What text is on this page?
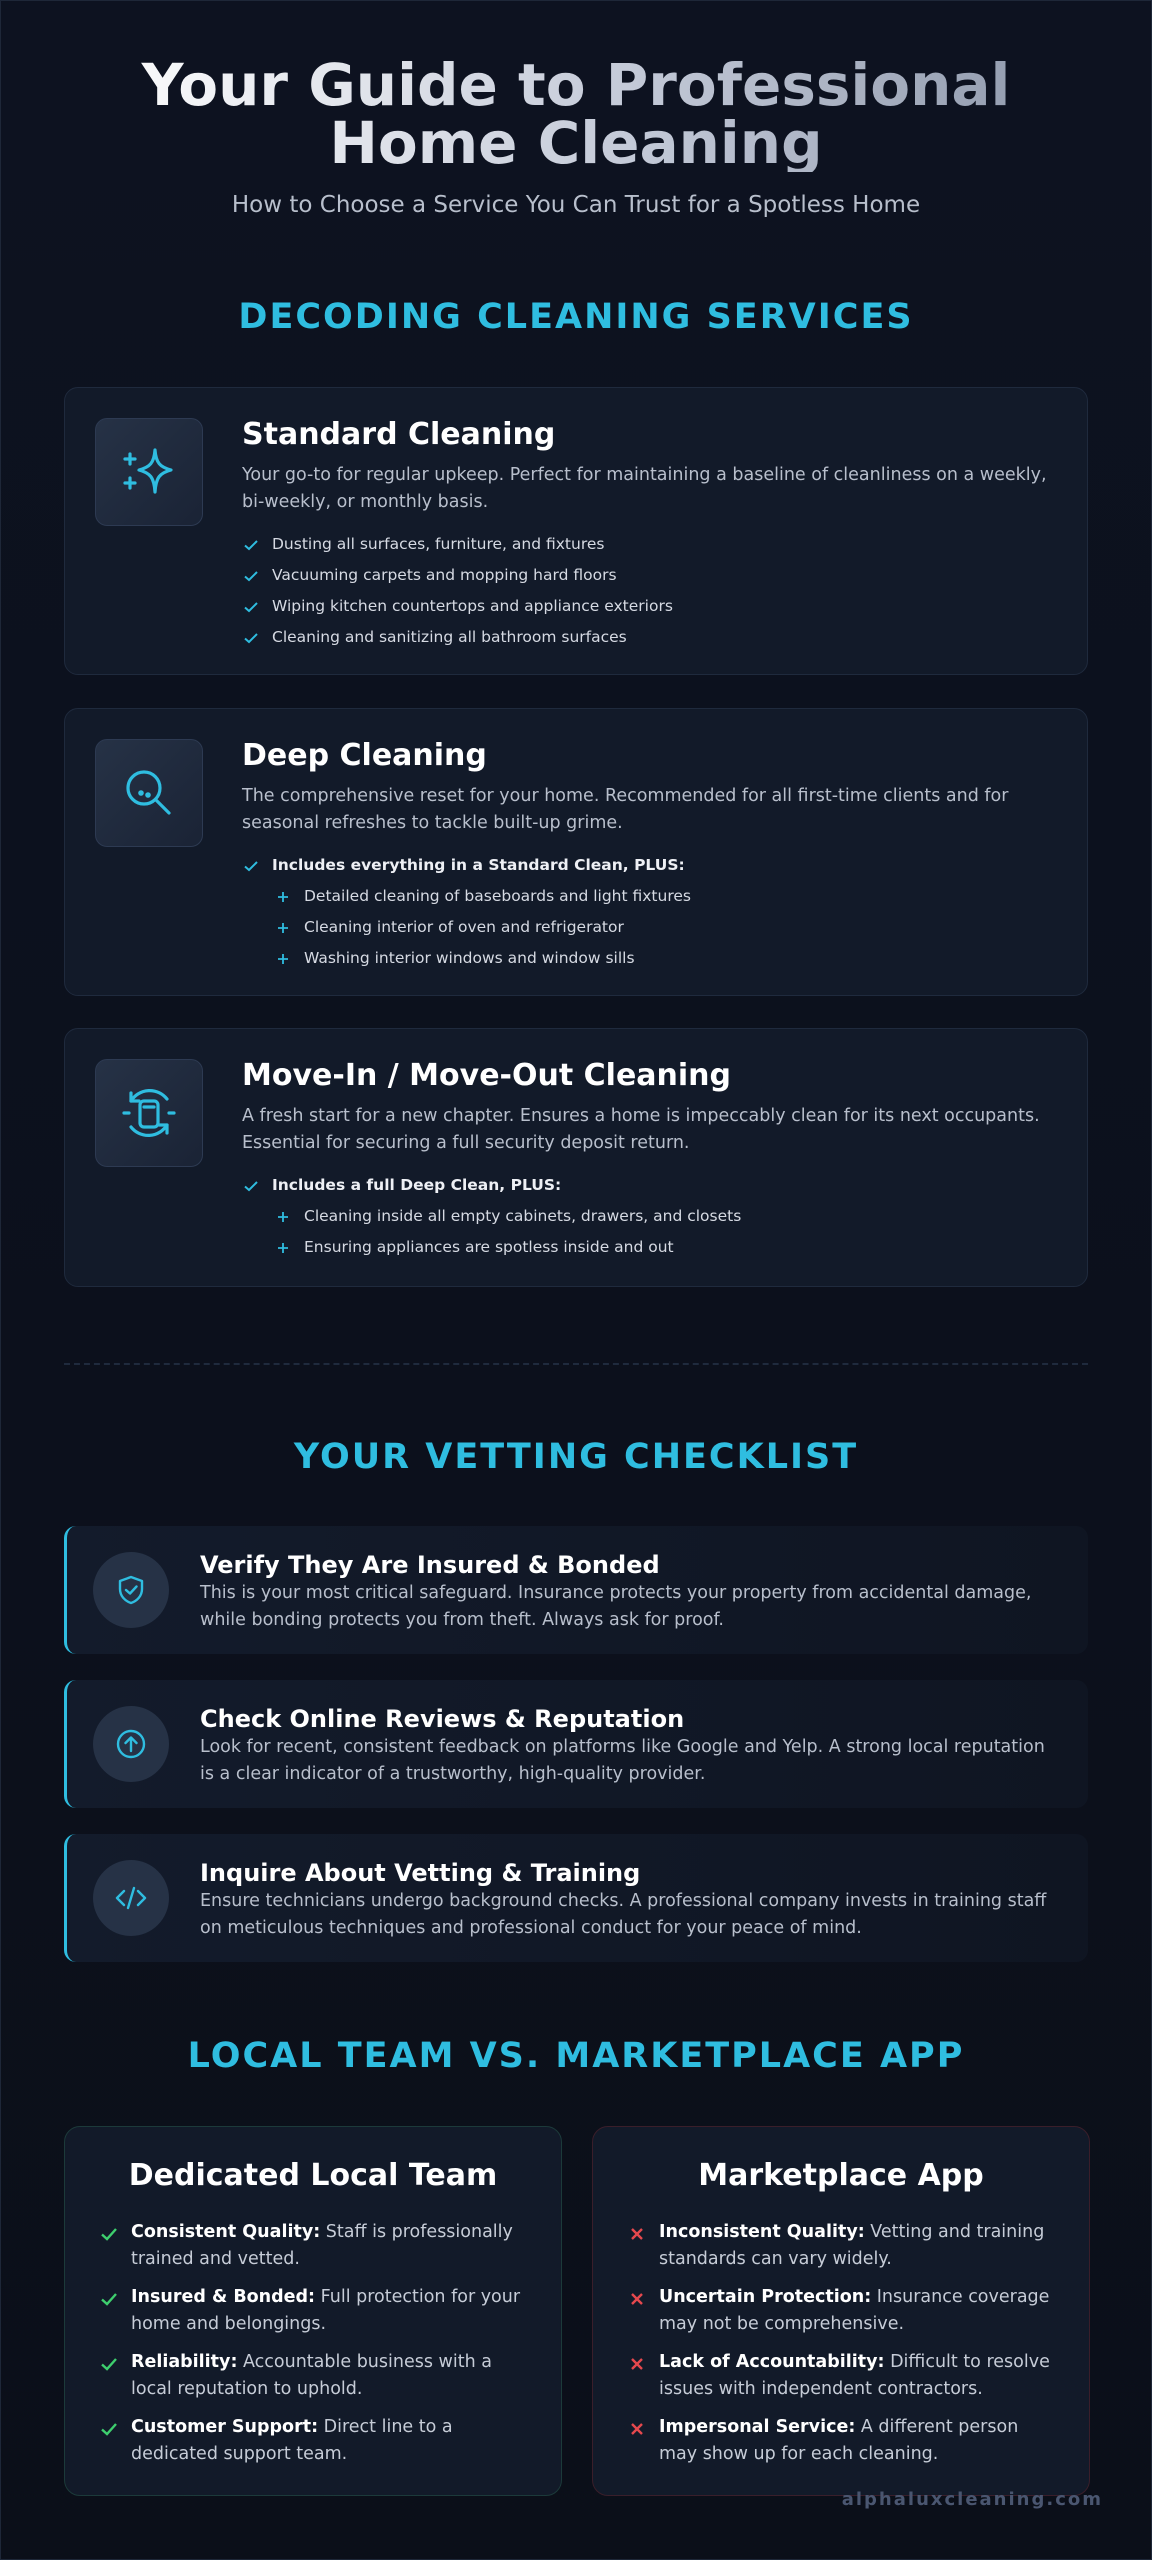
Your Guide to Professional
Home Cleaning
How to Choose a Service You Can Trust for a Spotless Home
DECODING CLEANING SERVICES
Standard Cleaning
Your go-to for regular upkeep. Perfect for maintaining a baseline of cleanliness on a weekly, bi-weekly, or monthly basis.
Dusting all surfaces, furniture, and fixtures
Vacuuming carpets and mopping hard floors
Wiping kitchen countertops and appliance exteriors
Cleaning and sanitizing all bathroom surfaces
Deep Cleaning
The comprehensive reset for your home. Recommended for all first-time clients and for seasonal refreshes to tackle built-up grime.
Includes everything in a Standard Clean, PLUS:
Detailed cleaning of baseboards and light fixtures
Cleaning interior of oven and refrigerator
Washing interior windows and window sills
Move-In / Move-Out Cleaning
A fresh start for a new chapter. Ensures a home is impeccably clean for its next occupants. Essential for securing a full security deposit return.
Includes a full Deep Clean, PLUS:
Cleaning inside all empty cabinets, drawers, and closets
Ensuring appliances are spotless inside and out
YOUR VETTING CHECKLIST
Verify They Are Insured & Bonded
This is your most critical safeguard. Insurance protects your property from accidental damage, while bonding protects you from theft. Always ask for proof.
Check Online Reviews & Reputation
Look for recent, consistent feedback on platforms like Google and Yelp. A strong local reputation is a clear indicator of a trustworthy, high-quality provider.
Inquire About Vetting & Training
Ensure technicians undergo background checks. A professional company invests in training staff on meticulous techniques and professional conduct for your peace of mind.
LOCAL TEAM VS. MARKETPLACE APP
Dedicated Local Team
Consistent Quality: Staff is professionally trained and vetted.
Insured & Bonded: Full protection for your home and belongings.
Reliability: Accountable business with a local reputation to uphold.
Customer Support: Direct line to a dedicated support team.
Marketplace App
Inconsistent Quality: Vetting and training standards can vary widely.
Uncertain Protection: Insurance coverage may not be comprehensive.
Lack of Accountability: Difficult to resolve issues with independent contractors.
Impersonal Service: A different person may show up for each cleaning.
alphaluxcleaning.com
